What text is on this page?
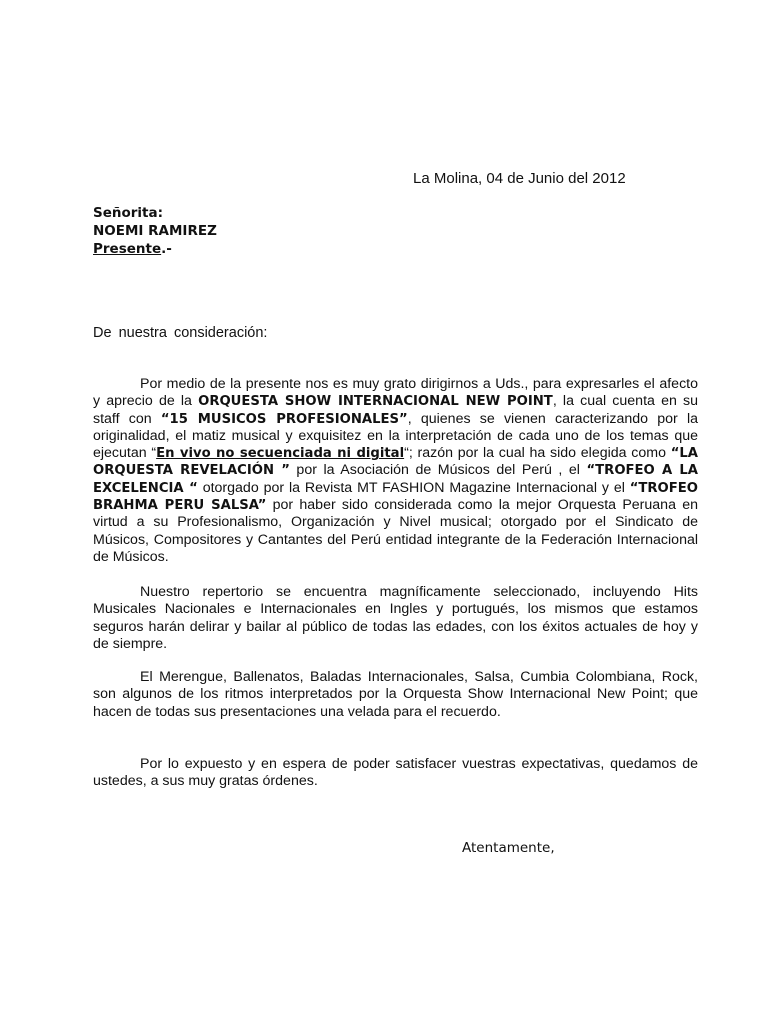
La Molina, 04 de Junio del 2012
Señorita:
NOEMI RAMIREZ
Presente.-
De nuestra consideración:

Por medio de la presente nos es muy grato dirigirnos a Uds., para expresarles el afecto y aprecio de la ORQUESTA SHOW INTERNACIONAL NEW POINT, la cual cuenta en su staff con “15 MUSICOS PROFESIONALES”, quienes se vienen caracterizando por la originalidad, el matiz musical y exquisitez en la interpretación de cada uno de los temas que ejecutan “En vivo no secuenciada ni digital“; razón por la cual ha sido elegida como “LA ORQUESTA REVELACIÓN ” por la Asociación de Músicos del Perú , el “TROFEO A LA EXCELENCIA “ otorgado por la Revista MT FASHION Magazine Internacional y el “TROFEO BRAHMA PERU SALSA” por haber sido considerada como la mejor Orquesta Peruana en virtud a su Profesionalismo, Organización y Nivel musical; otorgado por el Sindicato de Músicos, Compositores y Cantantes del Perú entidad integrante de la Federación Internacional de Músicos.

Nuestro repertorio se encuentra magníficamente seleccionado, incluyendo Hits Musicales Nacionales e Internacionales en Ingles y portugués, los mismos que estamos seguros harán delirar y bailar al público de todas las edades, con los éxitos actuales de hoy y de siempre.

El Merengue, Ballenatos, Baladas Internacionales, Salsa, Cumbia Colombiana, Rock, son algunos de los ritmos interpretados por la Orquesta Show Internacional New Point; que hacen de todas sus presentaciones una velada para el recuerdo.

Por lo expuesto y en espera de poder satisfacer vuestras expectativas, quedamos de ustedes, a sus muy gratas órdenes.

Atentamente,
